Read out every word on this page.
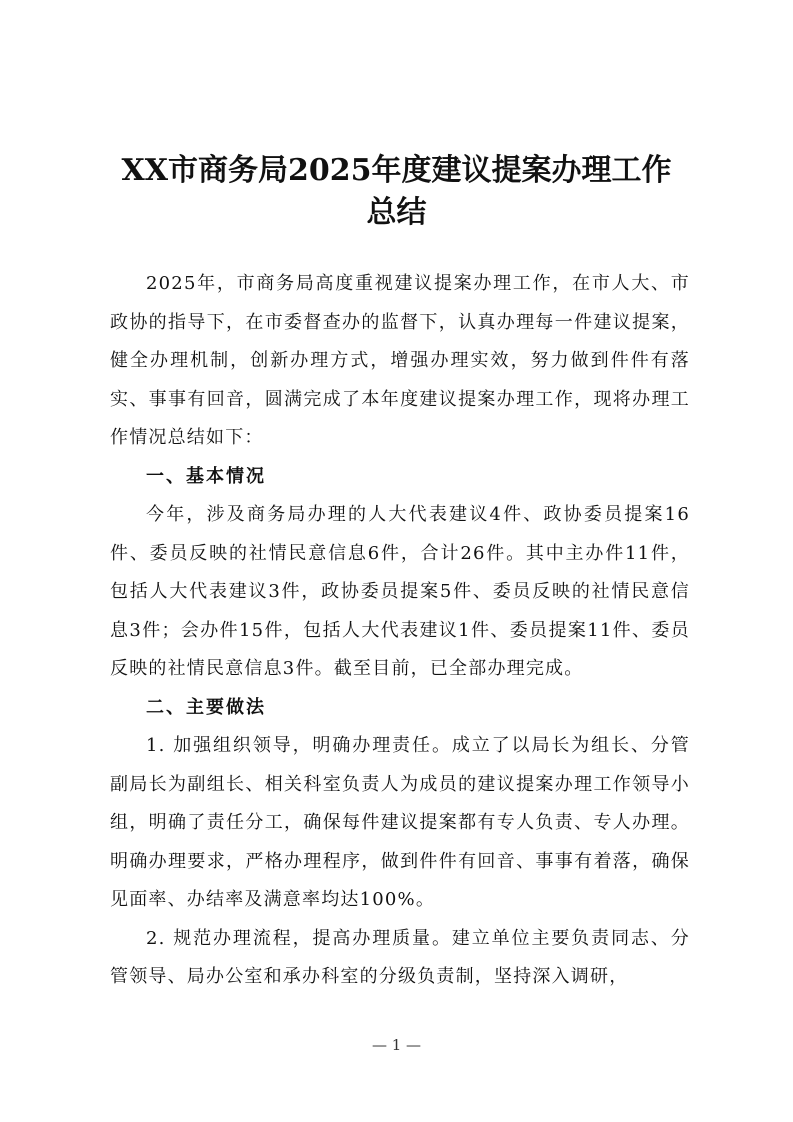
XX市商务局2025年度建议提案办理工作
总结

2025年，市商务局高度重视建议提案办理工作，在市人大、市政协的指导下，在市委督查办的监督下，认真办理每一件建议提案，健全办理机制，创新办理方式，增强办理实效，努力做到件件有落实、事事有回音，圆满完成了本年度建议提案办理工作，现将办理工作情况总结如下：

一、基本情况

今年，涉及商务局办理的人大代表建议4件、政协委员提案16件、委员反映的社情民意信息6件，合计26件。其中主办件11件，包括人大代表建议3件，政协委员提案5件、委员反映的社情民意信息3件；会办件15件，包括人大代表建议1件、委员提案11件、委员反映的社情民意信息3件。截至目前，已全部办理完成。

二、主要做法

1. 加强组织领导，明确办理责任。成立了以局长为组长、分管副局长为副组长、相关科室负责人为成员的建议提案办理工作领导小组，明确了责任分工，确保每件建议提案都有专人负责、专人办理。明确办理要求，严格办理程序，做到件件有回音、事事有着落，确保见面率、办结率及满意率均达100%。

2. 规范办理流程，提高办理质量。建立单位主要负责同志、分管领导、局办公室和承办科室的分级负责制，坚持深入调研，

— 1 —
